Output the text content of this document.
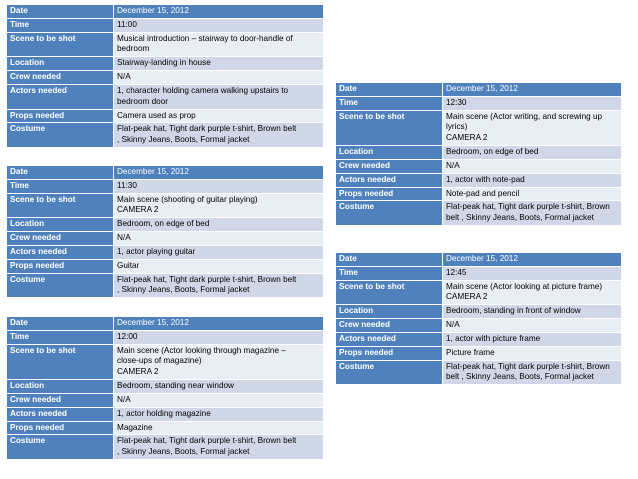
Date	December 15, 2012
Time	11:00
Scene to be shot	Musical introduction – stairway to door-handle of
bedroom

Location	Stairway-landing in house
Crew needed	N/A
Actors needed	1, character holding camera walking upstairs to
bedroom door

Props needed	Camera used as prop
Costume	Flat-peak hat, Tight dark purple t-shirt, Brown belt
, Skinny Jeans, Boots, Formal jacket
Date	December 15, 2012
Time	11:30
Scene to be shot	Main scene (shooting of guitar playing)
CAMERA 2

Location	Bedroom, on edge of bed
Crew needed	N/A
Actors needed	1, actor playing guitar

Props needed	Guitar
Costume	Flat-peak hat, Tight dark purple t-shirt, Brown belt
, Skinny Jeans, Boots, Formal jacket
Date	December 15, 2012
Time	12:00
Scene to be shot	Main scene (Actor looking through magazine –
close-ups of magazine)
CAMERA 2

Location	Bedroom, standing near window
Crew needed	N/A
Actors needed	1, actor holding magazine

Props needed	Magazine
Costume	Flat-peak hat, Tight dark purple t-shirt, Brown belt
, Skinny Jeans, Boots, Formal jacket
Date	December 15, 2012
Time	12:30
Scene to be shot	Main scene (Actor writing, and screwing up
lyrics)
CAMERA 2

Location	Bedroom, on edge of bed
Crew needed	N/A
Actors needed	1, actor with note-pad

Props needed	Note-pad and pencil
Costume	Flat-peak hat, Tight dark purple t-shirt, Brown
belt , Skinny Jeans, Boots, Formal jacket
Date	December 15, 2012
Time	12:45
Scene to be shot	Main scene (Actor looking at picture frame)
CAMERA 2

Location	Bedroom, standing in front of window
Crew needed	N/A
Actors needed	1, actor with picture frame

Props needed	Picture frame
Costume	Flat-peak hat, Tight dark purple t-shirt, Brown
belt , Skinny Jeans, Boots, Formal jacket
